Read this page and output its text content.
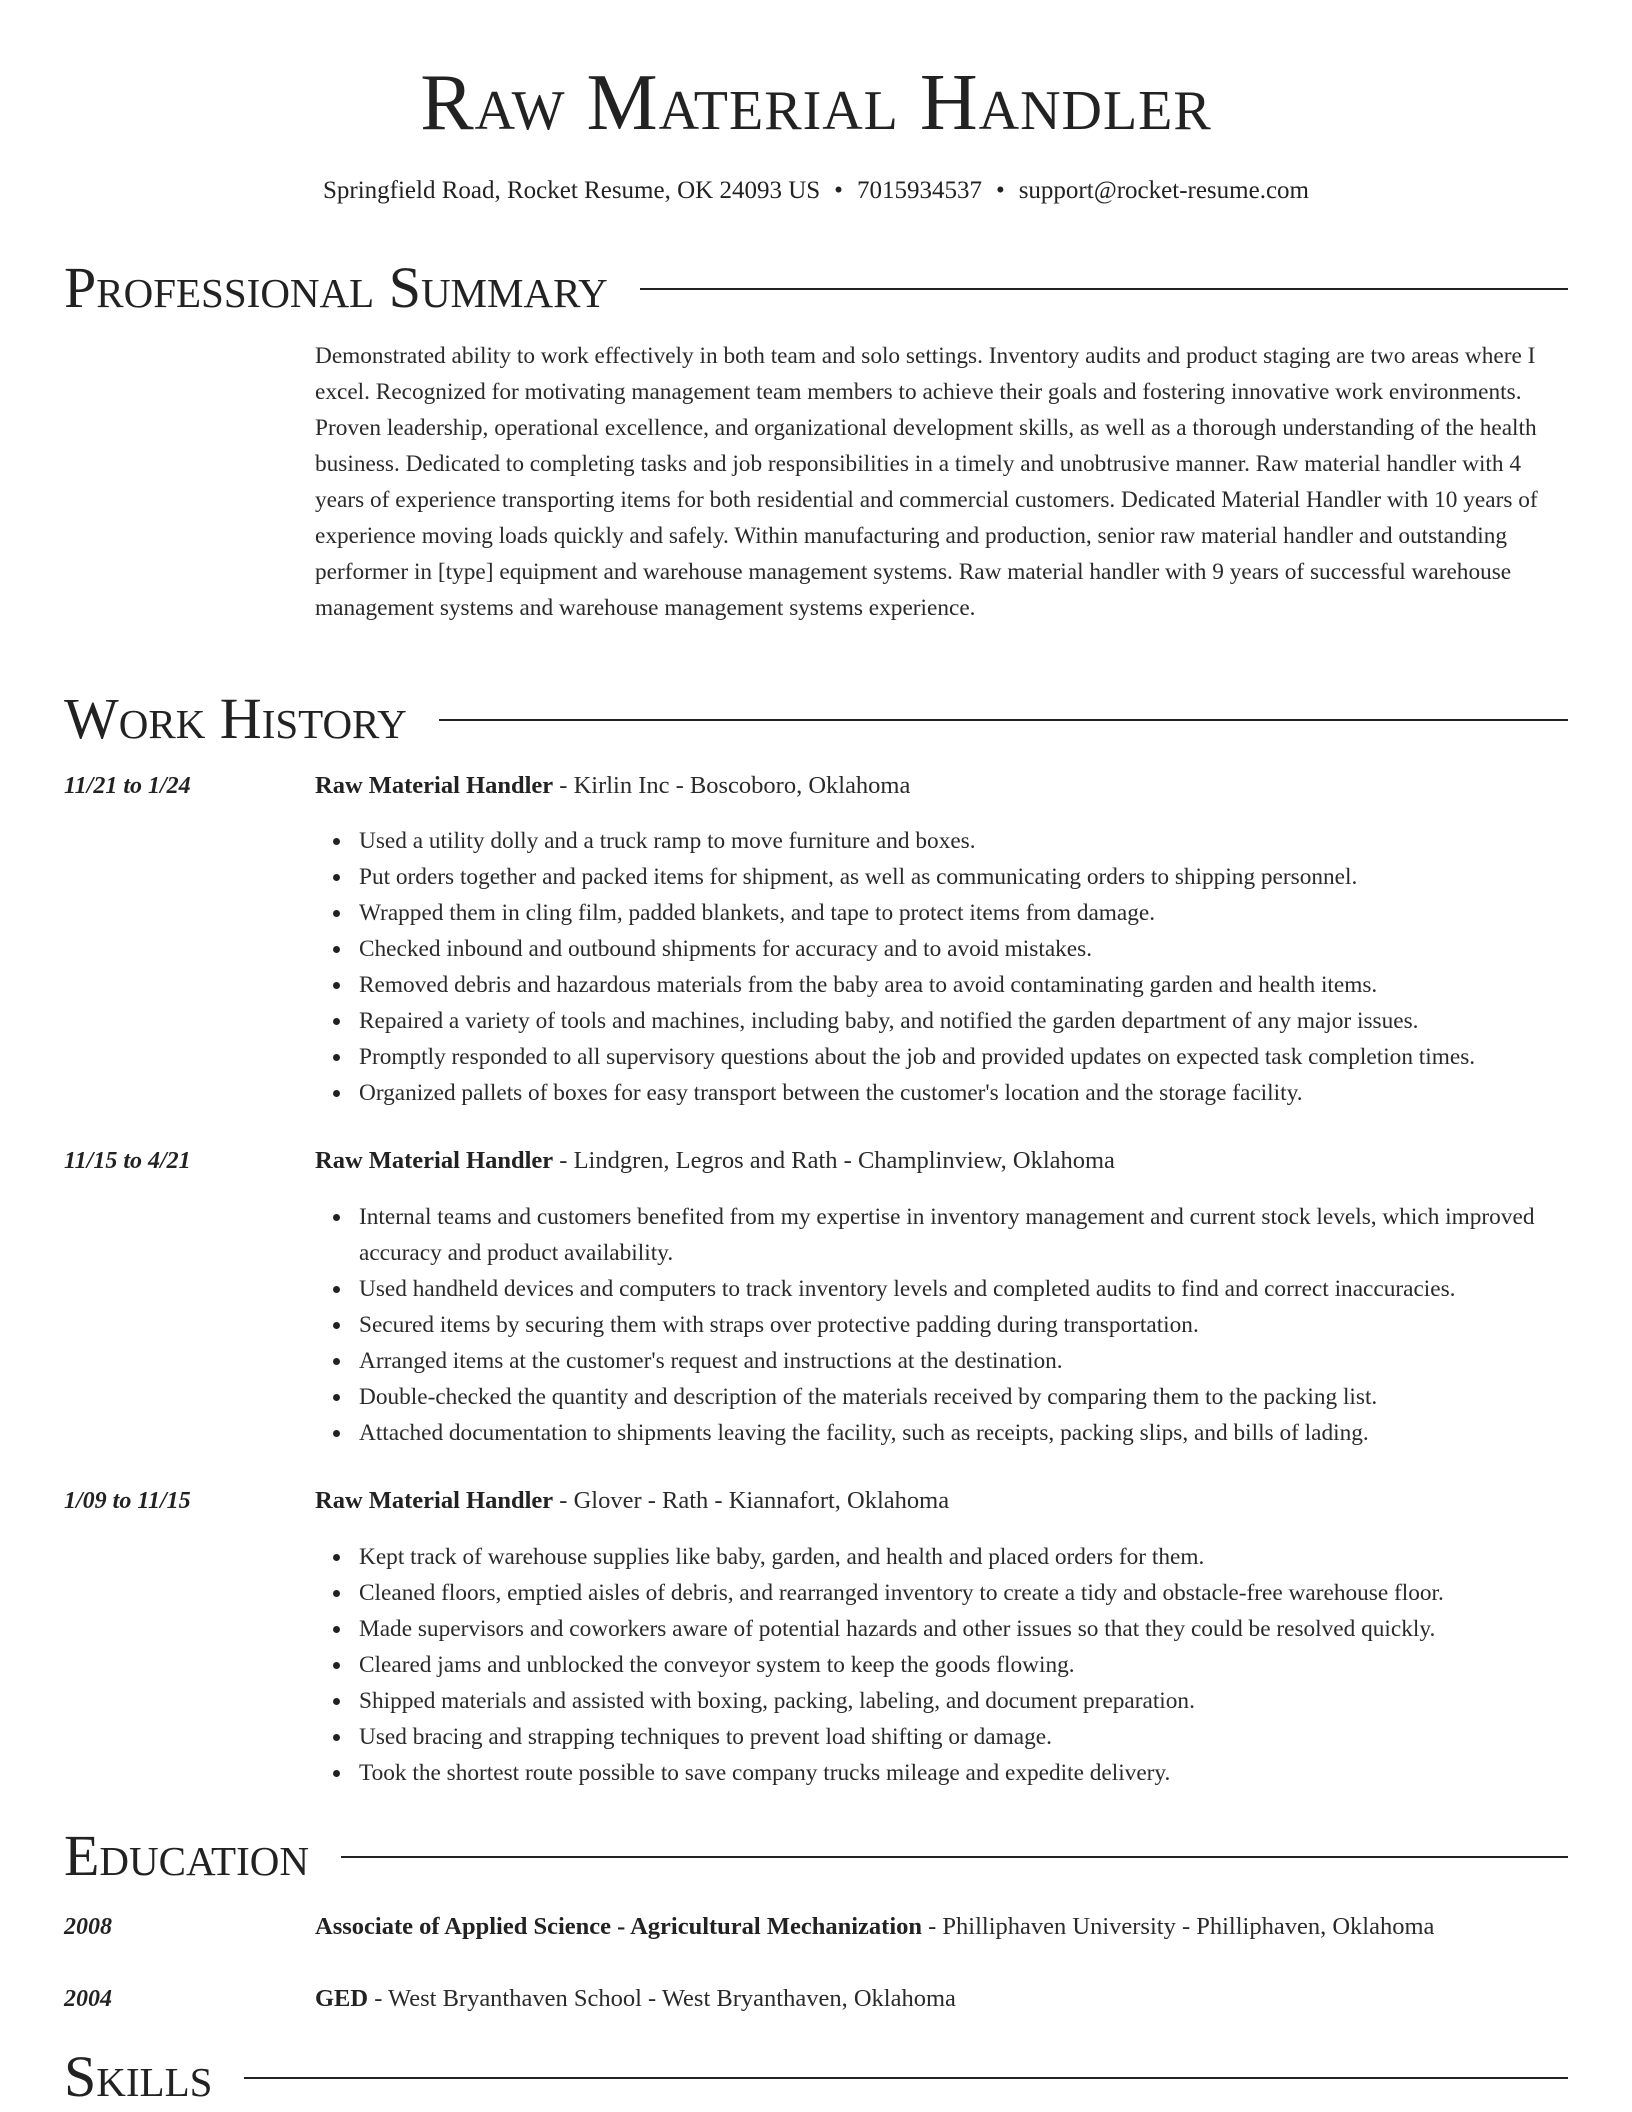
Raw Material Handler
Springfield Road, Rocket Resume, OK 24093 US • 7015934537 • support@rocket-resume.com
Professional Summary
Demonstrated ability to work effectively in both team and solo settings. Inventory audits and product staging are two areas where I excel. Recognized for motivating management team members to achieve their goals and fostering innovative work environments. Proven leadership, operational excellence, and organizational development skills, as well as a thorough understanding of the health business. Dedicated to completing tasks and job responsibilities in a timely and unobtrusive manner. Raw material handler with 4 years of experience transporting items for both residential and commercial customers. Dedicated Material Handler with 10 years of experience moving loads quickly and safely. Within manufacturing and production, senior raw material handler and outstanding performer in [type] equipment and warehouse management systems. Raw material handler with 9 years of successful warehouse management systems and warehouse management systems experience.
Work History
11/21 to 1/24	Raw Material Handler - Kirlin Inc - Boscoboro, Oklahoma
Used a utility dolly and a truck ramp to move furniture and boxes.
Put orders together and packed items for shipment, as well as communicating orders to shipping personnel.
Wrapped them in cling film, padded blankets, and tape to protect items from damage.
Checked inbound and outbound shipments for accuracy and to avoid mistakes.
Removed debris and hazardous materials from the baby area to avoid contaminating garden and health items.
Repaired a variety of tools and machines, including baby, and notified the garden department of any major issues.
Promptly responded to all supervisory questions about the job and provided updates on expected task completion times.
Organized pallets of boxes for easy transport between the customer's location and the storage facility.
11/15 to 4/21	Raw Material Handler - Lindgren, Legros and Rath - Champlinview, Oklahoma
Internal teams and customers benefited from my expertise in inventory management and current stock levels, which improved accuracy and product availability.
Used handheld devices and computers to track inventory levels and completed audits to find and correct inaccuracies.
Secured items by securing them with straps over protective padding during transportation.
Arranged items at the customer's request and instructions at the destination.
Double-checked the quantity and description of the materials received by comparing them to the packing list.
Attached documentation to shipments leaving the facility, such as receipts, packing slips, and bills of lading.
1/09 to 11/15	Raw Material Handler - Glover - Rath - Kiannafort, Oklahoma
Kept track of warehouse supplies like baby, garden, and health and placed orders for them.
Cleaned floors, emptied aisles of debris, and rearranged inventory to create a tidy and obstacle-free warehouse floor.
Made supervisors and coworkers aware of potential hazards and other issues so that they could be resolved quickly.
Cleared jams and unblocked the conveyor system to keep the goods flowing.
Shipped materials and assisted with boxing, packing, labeling, and document preparation.
Used bracing and strapping techniques to prevent load shifting or damage.
Took the shortest route possible to save company trucks mileage and expedite delivery.
Education
2008	Associate of Applied Science - Agricultural Mechanization - Philliphaven University - Philliphaven, Oklahoma
2004	GED - West Bryanthaven School - West Bryanthaven, Oklahoma
Skills
